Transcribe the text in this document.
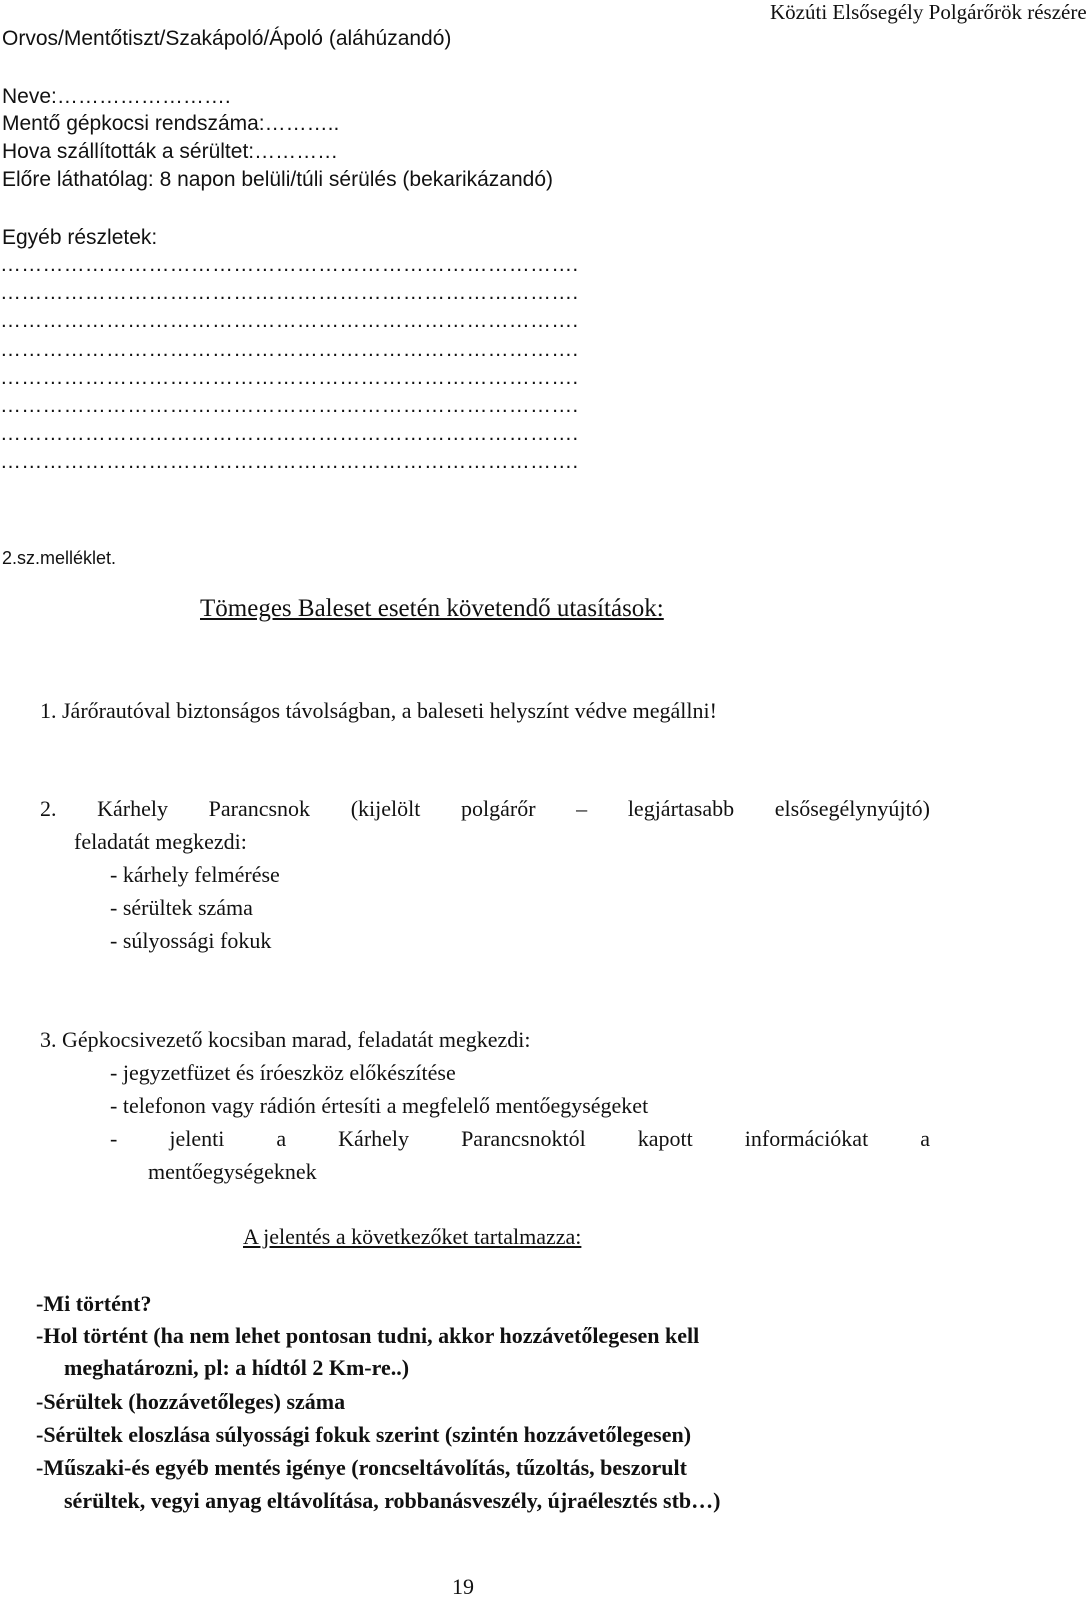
Közúti Elsősegély Polgárőrök részére
Orvos/Mentőtiszt/Szakápoló/Ápoló (aláhúzandó)
Neve:…………………….
Mentő gépkocsi rendszáma:………..
Hova szállították a sérültet:…………
Előre láthatólag: 8 napon belüli/túli sérülés (bekarikázandó)
Egyéb részletek:
……………………………………………………………………….
……………………………………………………………………….
……………………………………………………………………….
……………………………………………………………………….
……………………………………………………………………….
……………………………………………………………………….
……………………………………………………………………….
……………………………………………………………………….
2.sz.melléklet.
Tömeges Baleset esetén követendő utasítások:
1. Járőrautóval biztonságos távolságban, a baleseti helyszínt védve megállni!
2. Kárhely Parancsnok (kijelölt polgárőr – legjártasabb elsősegélynyújtó)
feladatát megkezdi:
- kárhely felmérése
- sérültek száma
- súlyossági fokuk
3. Gépkocsivezető kocsiban marad, feladatát megkezdi:
- jegyzetfüzet és íróeszköz előkészítése
- telefonon vagy rádión értesíti a megfelelő mentőegységeket
- jelenti a Kárhely Parancsnoktól kapott információkat a
mentőegységeknek
A jelentés a következőket tartalmazza:
-Mi történt?
-Hol történt (ha nem lehet pontosan tudni, akkor hozzávetőlegesen kell
meghatározni, pl: a hídtól 2 Km-re..)
-Sérültek (hozzávetőleges) száma
-Sérültek eloszlása súlyossági fokuk szerint (szintén hozzávetőlegesen)
-Műszaki-és egyéb mentés igénye (roncseltávolítás, tűzoltás, beszorult
sérültek, vegyi anyag eltávolítása, robbanásveszély, újraélesztés stb…)
19
